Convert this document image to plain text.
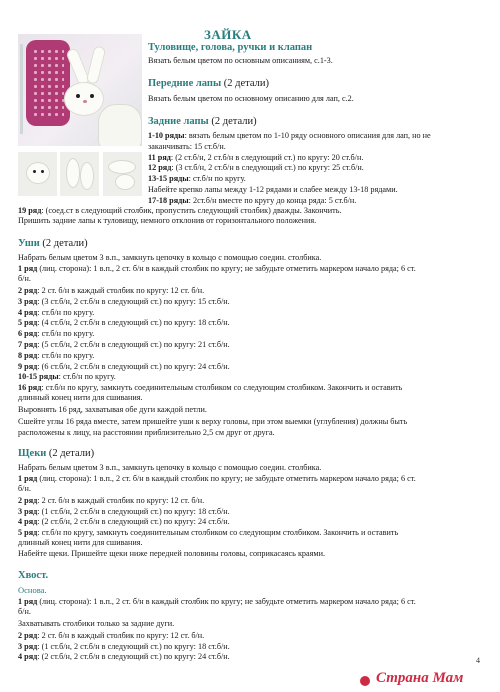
ЗАЙКА
Туловище, голова, ручки и клапан
Вязать белым цветом по основным описаниям, с.1-3.
Передние лапы (2 детали)
Вязать белым цветом по основному описанию для лап, с.2.
Задние лапы (2 детали)
1-10 ряды: вязать белым цветом по 1-10 ряду основного описания для лап, но не
заканчивать: 15 ст.б/н.
11 ряд: (2 ст.б/н, 2 ст.б/н в следующий ст.) по кругу: 20 ст.б/н.
12 ряд: (3 ст.б/н, 2 ст.б/н в следующий ст.) по кругу: 25 ст.б/н.
13-15 ряды: ст.б/н по кругу.
Набейте крепко лапы между 1-12 рядами и слабее между 13-18 рядами.
17-18 ряды: 2ст.б/н вместе по кругу до конца ряда: 5 ст.б/н.
19 ряд: (соед.ст в следующий столбик, пропустить следующий столбик) дважды. Закончить.
Пришить задние лапы к туловищу, немного отклонив от горизонтального положения.
Уши (2 детали)
Набрать белым цветом 3 в.п., замкнуть цепочку в кольцо с помощью соедин. столбика.
1 ряд (лиц. сторона): 1 в.п., 2 ст. б/н в каждый столбик по кругу; не забудьте отметить маркером начало ряда; 6 ст.
б/н.
2 ряд: 2 ст. б/н в каждый столбик по кругу: 12 ст. б/н.
3 ряд: (3 ст.б/н, 2 ст.б/н в следующий ст.) по кругу: 15 ст.б/н.
4 ряд: ст.б/н по кругу.
5 ряд: (4 ст.б/н, 2 ст.б/н в следующий ст.) по кругу: 18 ст.б/н.
6 ряд: ст.б/н по кругу.
7 ряд: (5 ст.б/н, 2 ст.б/н в следующий ст.) по кругу: 21 ст.б/н.
8 ряд: ст.б/н по кругу.
9 ряд: (6 ст.б/н, 2 ст.б/н в следующий ст.) по кругу: 24 ст.б/н.
10-15 ряды: ст.б/н по кругу.
16 ряд: ст.б/н по кругу, замкнуть соединительным столбиком со следующим столбиком. Закончить и оставить
длинный конец нити для сшивания.
Выровнять 16 ряд, захватывая обе дуги каждой петли.
Сшейте углы 16 ряда вместе, затем пришейте уши к верху головы, при этом выемки (углубления) должны быть
расположены к лицу, на расстоянии приблизительно 2,5 см друг от друга.
Щеки (2 детали)
Набрать белым цветом 3 в.п., замкнуть цепочку в кольцо с помощью соедин. столбика.
1 ряд (лиц. сторона): 1 в.п., 2 ст. б/н в каждый столбик по кругу; не забудьте отметить маркером начало ряда; 6 ст.
б/н.
2 ряд: 2 ст. б/н в каждый столбик по кругу: 12 ст. б/н.
3 ряд: (1 ст.б/н, 2 ст.б/н в следующий ст.) по кругу: 18 ст.б/н.
4 ряд: (2 ст.б/н, 2 ст.б/н в следующий ст.) по кругу: 24 ст.б/н.
5 ряд: ст.б/н по кругу, замкнуть соединительным столбиком со следующим столбиком. Закончить и оставить
длинный конец нити для сшивания.
Набейте щеки. Пришейте щеки ниже передней половины головы, соприкасаясь краями.
Хвост.
Основа.
1 ряд (лиц. сторона): 1 в.п., 2 ст. б/н в каждый столбик по кругу; не забудьте отметить маркером начало ряда; 6 ст.
б/н.
Захватывать столбики только за задние дуги.
2 ряд: 2 ст. б/н в каждый столбик по кругу: 12 ст. б/н.
3 ряд: (1 ст.б/н, 2 ст.б/н в следующий ст.) по кругу: 18 ст.б/н.
4 ряд: (2 ст.б/н, 2 ст.б/н в следующий ст.) по кругу: 24 ст.б/н.	4
Страна Мам
